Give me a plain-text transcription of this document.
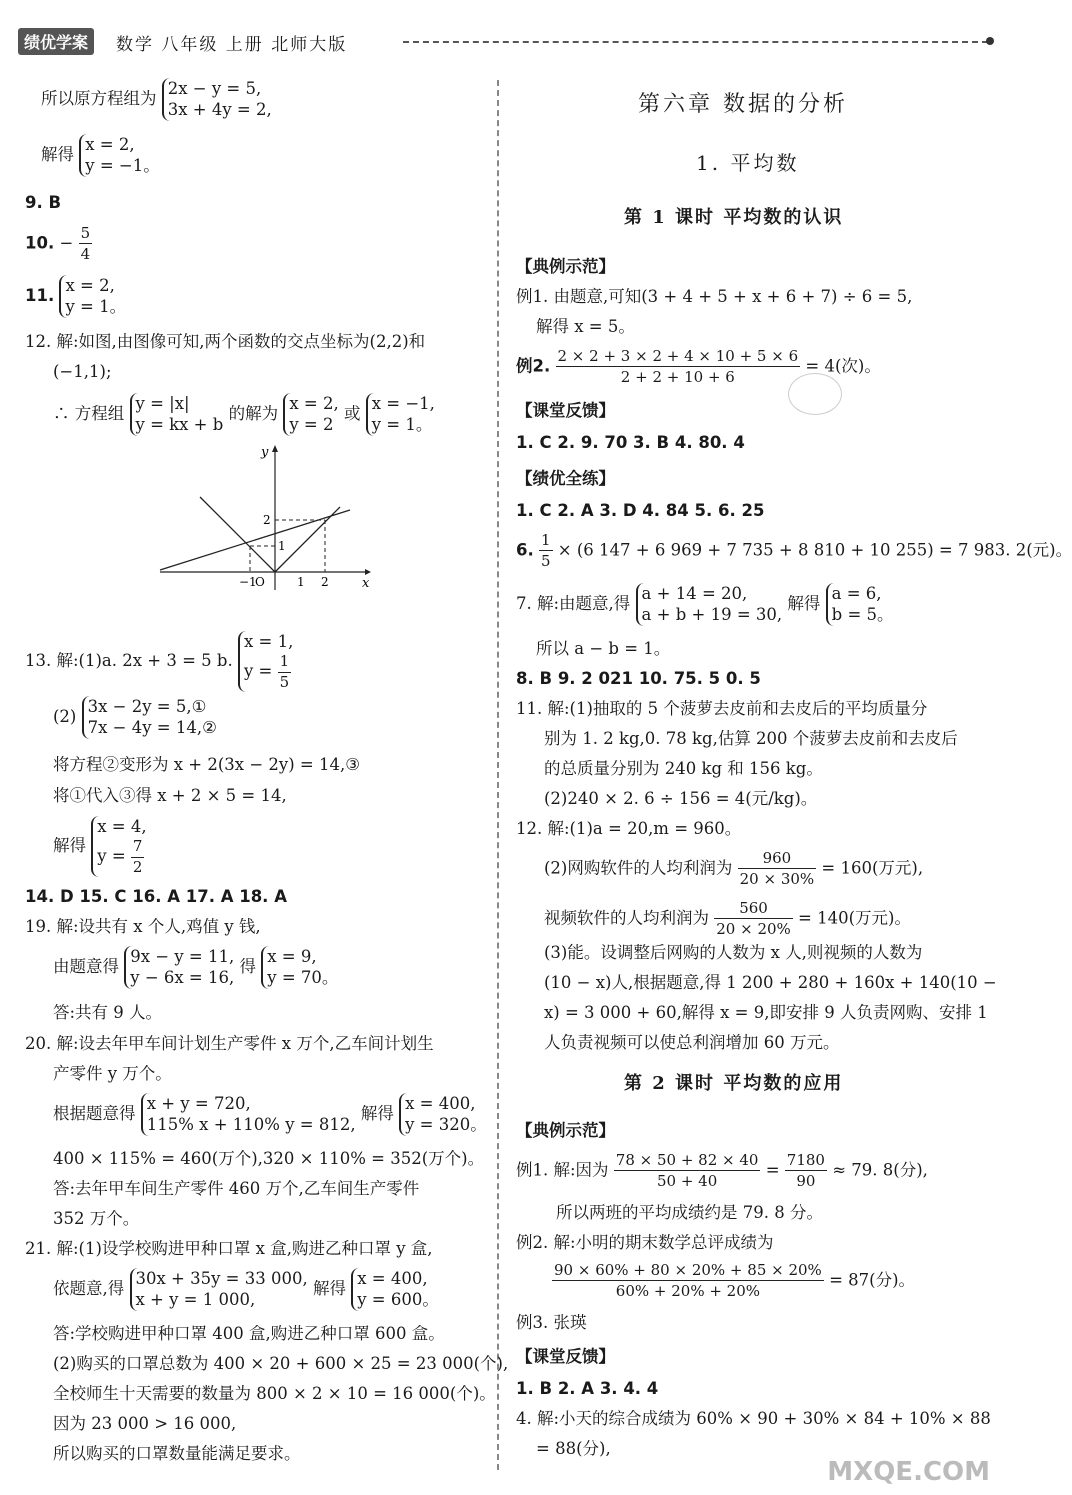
绩优学案	数学 八年级 上册 北师大版
所以原方程组为 2x − y = 5,
3x + 4y = 2,
解得 x = 2,
y = −1。
9. B
10. − $\frac{5}{4}$
11. x = 2,
y = 1。
12. 解:如图,由图像可知,两个函数的交点坐标为(2,2)和
(−1,1);
∴ 方程组 y = |x|
y = kx + b 的解为 x = 2,
y = 2 或 x = −1,
y = 1。
13. 解:(1)a. 2x + 3 = 5 b. x = 1,
$y = \frac{1}{5}$
(2) 3x − 2y = 5,①
7x − 4y = 14,②
将方程②变形为 x + 2(3x − 2y) = 14,③
将①代入③得 x + 2 × 5 = 14,
解得 x = 4,
$y = \frac{7}{2}$
14. D 15. C 16. A 17. A 18. A
19. 解:设共有 x 个人,鸡值 y 钱,
由题意得 9x − y = 11,
y − 6x = 16, 得 x = 9,
y = 70。
答:共有 9 人。
20. 解:设去年甲车间计划生产零件 x 万个,乙车间计划生
产零件 y 万个。
根据题意得 x + y = 720,
115% x + 110% y = 812, 解得 x = 400,
y = 320。
400 × 115% = 460(万个),320 × 110% = 352(万个)。
答:去年甲车间生产零件 460 万个,乙车间生产零件
352 万个。
21. 解:(1)设学校购进甲种口罩 x 盒,购进乙种口罩 y 盒,
依题意,得 30x + 35y = 33 000,
x + y = 1 000, 解得 x = 400,
y = 600。
答:学校购进甲种口罩 400 盒,购进乙种口罩 600 盒。
(2)购买的口罩总数为 400 × 20 + 600 × 25 = 23 000(个),
全校师生十天需要的数量为 800 × 2 × 10 = 16 000(个)。
因为 23 000 > 16 000,
所以购买的口罩数量能满足要求。
y
x
O
−1	1 2
2
1
第六章 数据的分析
1. 平均数
第 1 课时 平均数的认识
【典例示范】
例1. 由题意,可知(3 + 4 + 5 + x + 6 + 7) ÷ 6 = 5,
解得 x = 5。
例2. $\frac{2 \times 2 + 3 \times 2 + 4 \times 10 + 5 \times 6}{2 + 2 + 10 + 6} = 4$(次)。
【课堂反馈】
1. C 2. 9. 70 3. B 4. 80. 4
【绩优全练】
1. C 2. A 3. D 4. 84 5. 6. 25
6. $\frac{1}{5} \times (6$ 147 + 6 969 + 7 735 + 8 810 + 10 255) = 7 983. 2(元)。
7. 解:由题意,得 a + 14 = 20,
a + b + 19 = 30, 解得 a = 6,
b = 5。
所以 a − b = 1。
8. B 9. 2 021 10. 75. 5 0. 5
11. 解:(1)抽取的 5 个菠萝去皮前和去皮后的平均质量分
别为 1. 2 kg,0. 78 kg,估算 200 个菠萝去皮前和去皮后
的总质量分别为 240 kg 和 156 kg。
(2)240 × 2. 6 ÷ 156 = 4(元/kg)。
12. 解:(1)a = 20,m = 960。
(2)网购软件的人均利润为 $\frac{960}{20 \times 30\%} = 160$(万元),
视频软件的人均利润为 $\frac{560}{20 \times 20\%} = 140$(万元)。
(3)能。设调整后网购的人数为 x 人,则视频的人数为
(10 − x)人,根据题意,得 1 200 + 280 + 160x + 140(10 −
x) = 3 000 + 60,解得 x = 9,即安排 9 人负责网购、安排 1
人负责视频可以使总利润增加 60 万元。
第 2 课时 平均数的应用
【典例示范】
例1. 解:因为 $\frac{78 \times 50 + 82 \times 40}{50 + 40} = \frac{7180}{90} \approx 79$. 8(分),
所以两班的平均成绩约是 79. 8 分。
例2. 解:小明的期末数学总评成绩为
$\frac{90 \times 60\% + 80 \times 20\% + 85 \times 20\%}{60\% + 20\% + 20\%} = 87$(分)。
例3. 张瑛
【课堂反馈】
1. B 2. A 3. 4. 4
4. 解:小天的综合成绩为 60% × 90 + 30% × 84 + 10% × 88
= 88(分),
MXQE.COM
